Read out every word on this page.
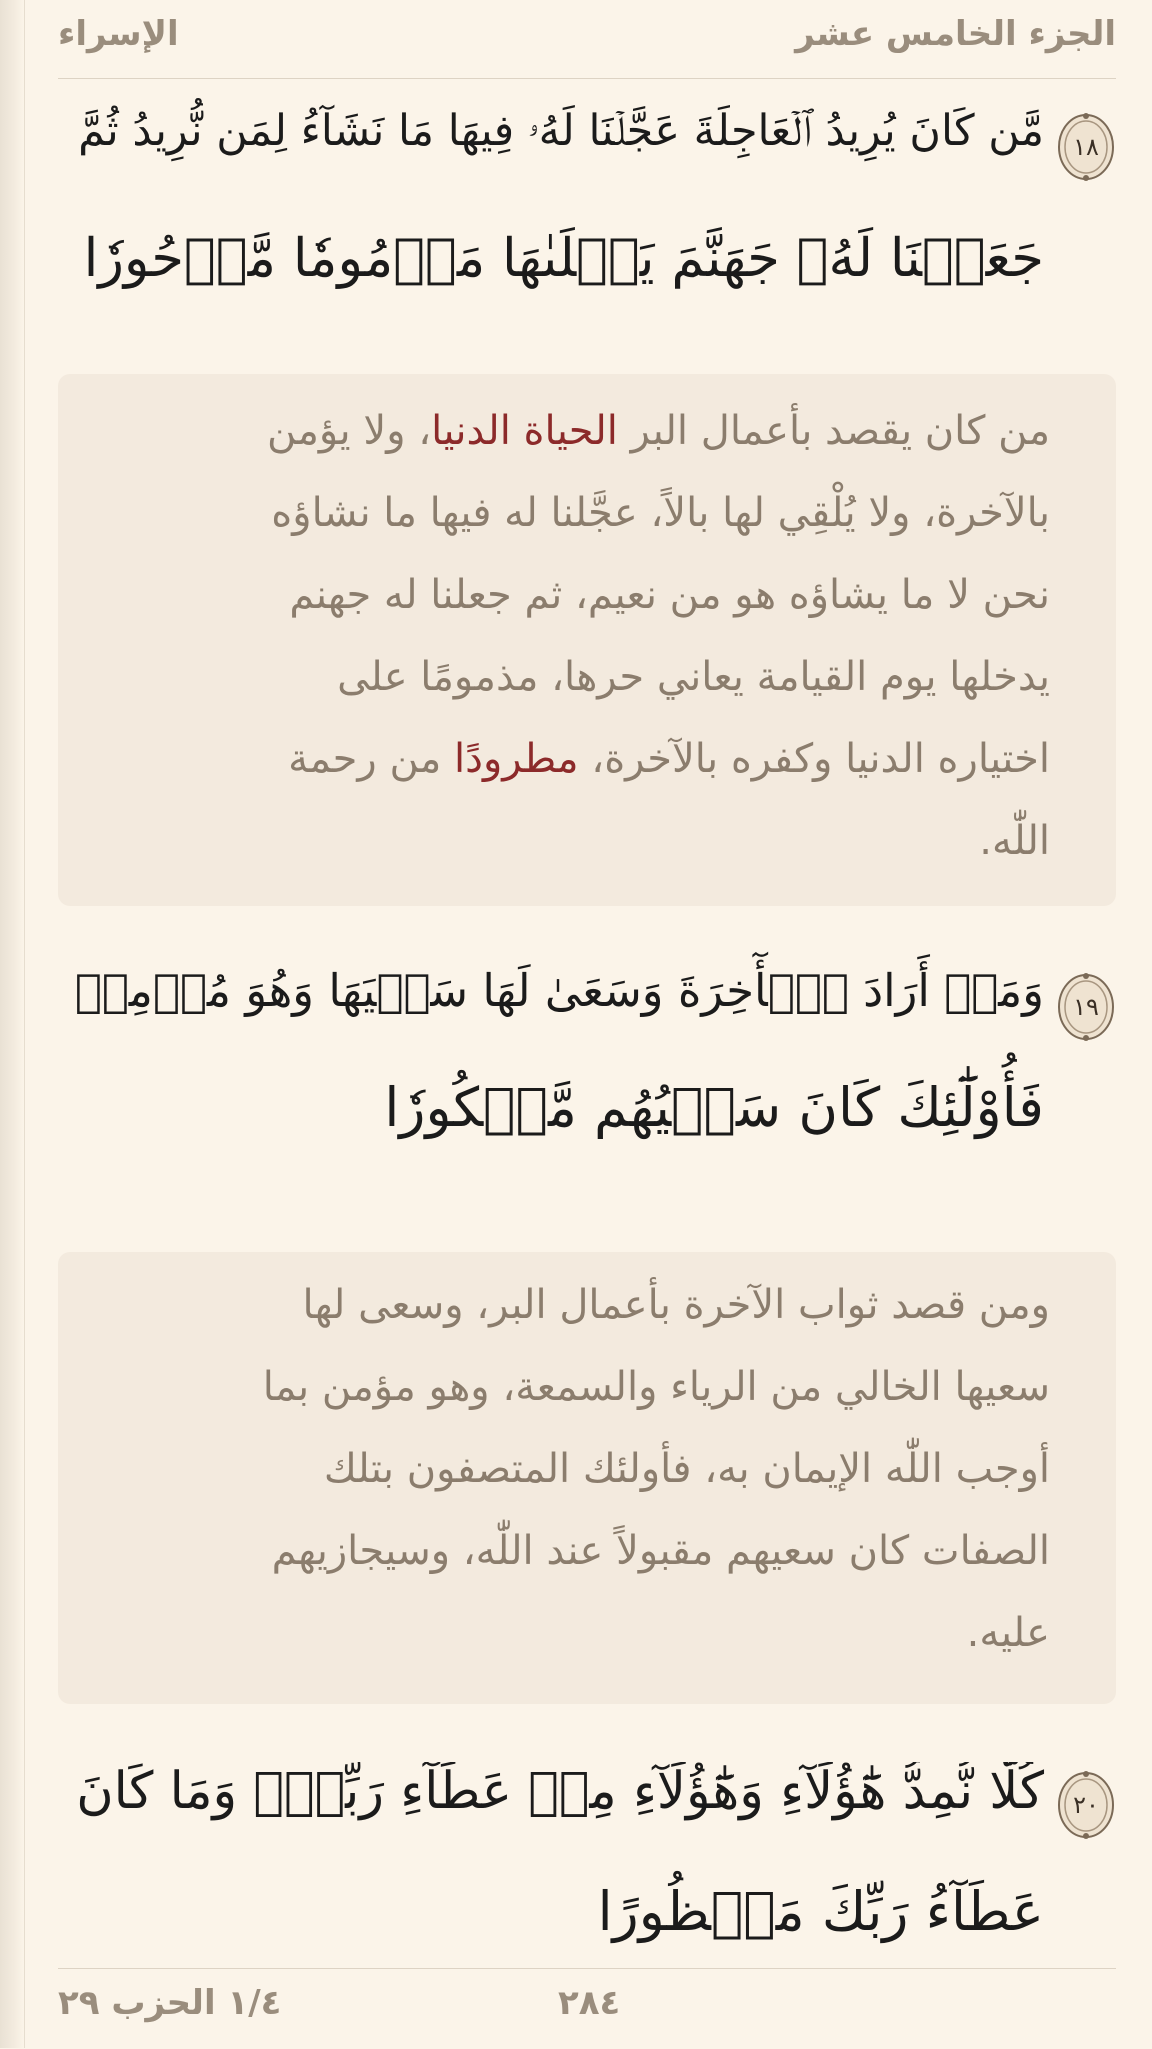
الجزء الخامس عشر
الإسراء
١٨
مَّن كَانَ يُرِيدُ ٱلۡعَاجِلَةَ عَجَّلۡنَا لَهُۥ فِيهَا مَا نَشَآءُ لِمَن نُّرِيدُ ثُمَّ
جَعَلۡنَا لَهُۥ جَهَنَّمَ يَصۡلَىٰهَا مَذۡمُومٗا مَّدۡحُورٗا
من كان يقصد بأعمال البر الحياة الدنيا، ولا يؤمن
بالآخرة، ولا يُلْقِي لها بالاً، عجَّلنا له فيها ما نشاؤه
نحن لا ما يشاؤه هو من نعيم، ثم جعلنا له جهنم
يدخلها يوم القيامة يعاني حرها، مذمومًا على
اختياره الدنيا وكفره بالآخرة، مطرودًا من رحمة
اللّٰه.
١٩
وَمَنۡ أَرَادَ ٱلۡأٓخِرَةَ وَسَعَىٰ لَهَا سَعۡيَهَا وَهُوَ مُؤۡمِنٞ
فَأُوْلَٰٓئِكَ كَانَ سَعۡيُهُم مَّشۡكُورٗا
ومن قصد ثواب الآخرة بأعمال البر، وسعى لها
سعيها الخالي من الرياء والسمعة، وهو مؤمن بما
أوجب اللّٰه الإيمان به، فأولئك المتصفون بتلك
الصفات كان سعيهم مقبولاً عند اللّٰه، وسيجازيهم
عليه.
٢٠
كُلّٗا نُّمِدُّ هَٰٓؤُلَآءِ وَهَٰٓؤُلَآءِ مِنۡ عَطَآءِ رَبِّكَۚ وَمَا كَانَ
عَطَآءُ رَبِّكَ مَحۡظُورًا
٢٨٤
١/٤ الحزب ٢٩
